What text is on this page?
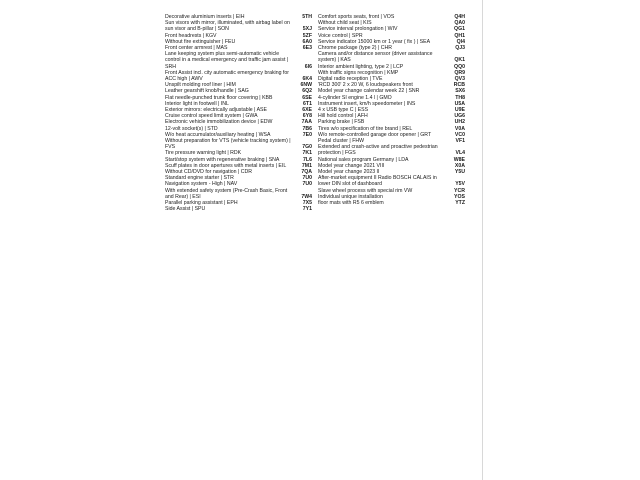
Decorative aluminium inserts | EIH	5TH
Sun visors with mirror, illuminated, with airbag label on sun visor and B-pillar | SON	5XJ
Front headrests | KGV	5ZF
Without fire extinguisher | FEU	6A0
Front center armrest | MAS	6E3
Lane keeping system plus semi-automatic vehicle control in a medical emergency and traffic jam assist | SRH	6I6
Front Assist incl. city automatic emergency braking for ACC high | AWV	6K4
Unspilt molding roof liner | HIM	6NW
Leather gearshift knob/handle | SAG	6Q2
Flat needle-punched trunk floor covering | KBB	6SE
Interior light in footwell | INL	6T1
Exterior mirrors: electrically adjustable | ASE	6XE
Cruise control speed limit system | GWA	6Y8
Electronic vehicle immobilization device | EDW	7AA
12-volt socket(s) | STD	7B6
W/o heat accumulator/auxiliary heating | WSA	7E0
Without preparation for VTS (vehicle tracking system) | FVS	7G0
Tire pressure warning light | RDK	7K1
Start/stop system with regenerative braking | SNA	7L6
Scuff plates in door apertures with metal inserts | EIL	7M1
Without CD/DVD for navigation | CDR	7QA
Standard engine starter | STR	7U0
Navigation system - High | NAV	7U0
With extended safety system (Pre-Crash Basic, Front and Rear) | ESI	7W4
Parallel parking assistant | EPH	7X5
Side Assist | SPU	7Y1
Comfort sports seats, front | VOS	Q4H
Without child seat | KIS	QA0
Service interval prolongation | WIV	QG1
Voice control | SPR	QH1
Service indicator 15000 km or 1 year ( fix ) | SEA	QI4
Chrome package (type 2) | CHR	QJ3
Camera and/or distance sensor (driver assistance system) | KAS	QK1
Interior ambient lighting, type 2 | LCP	QQ0
With traffic signs recognition | KMP	QR9
Digital radio reception | TVE	QV3
'RCD 300' 2 x 20 W, 6 loudspeakers front	RCB
Model year change calendar week 22 | SNR	SX6
4-cylinder SI engine 1.4 l | GMO	TH8
Instrument insert, km/h speedometer | INS	U5A
4 x USB type C | ESS	U9E
Hill hold control | AFH	UG6
Parking brake | FSB	UH2
Tires w/o specification of tire brand | REL	V0A
W/o remote-controlled garage door opener | GRT	VC0
Pedal cluster | FHW	VF1
Extended and crash-active and proactive pedestrian protection | FGS	VL4
National sales program Germany | LDA	W8E
Model year change 2021 VIII	X0A
Model year change 2023 II	Y5U
After-market equipment II Radio BOSCH CALAIS in lower DIN slot of dashboard	Y5V
Slave wheel process with special rim VW	YCR
Individual unique installation	YOS
floor mats with R5 6 emblem	YTZ
